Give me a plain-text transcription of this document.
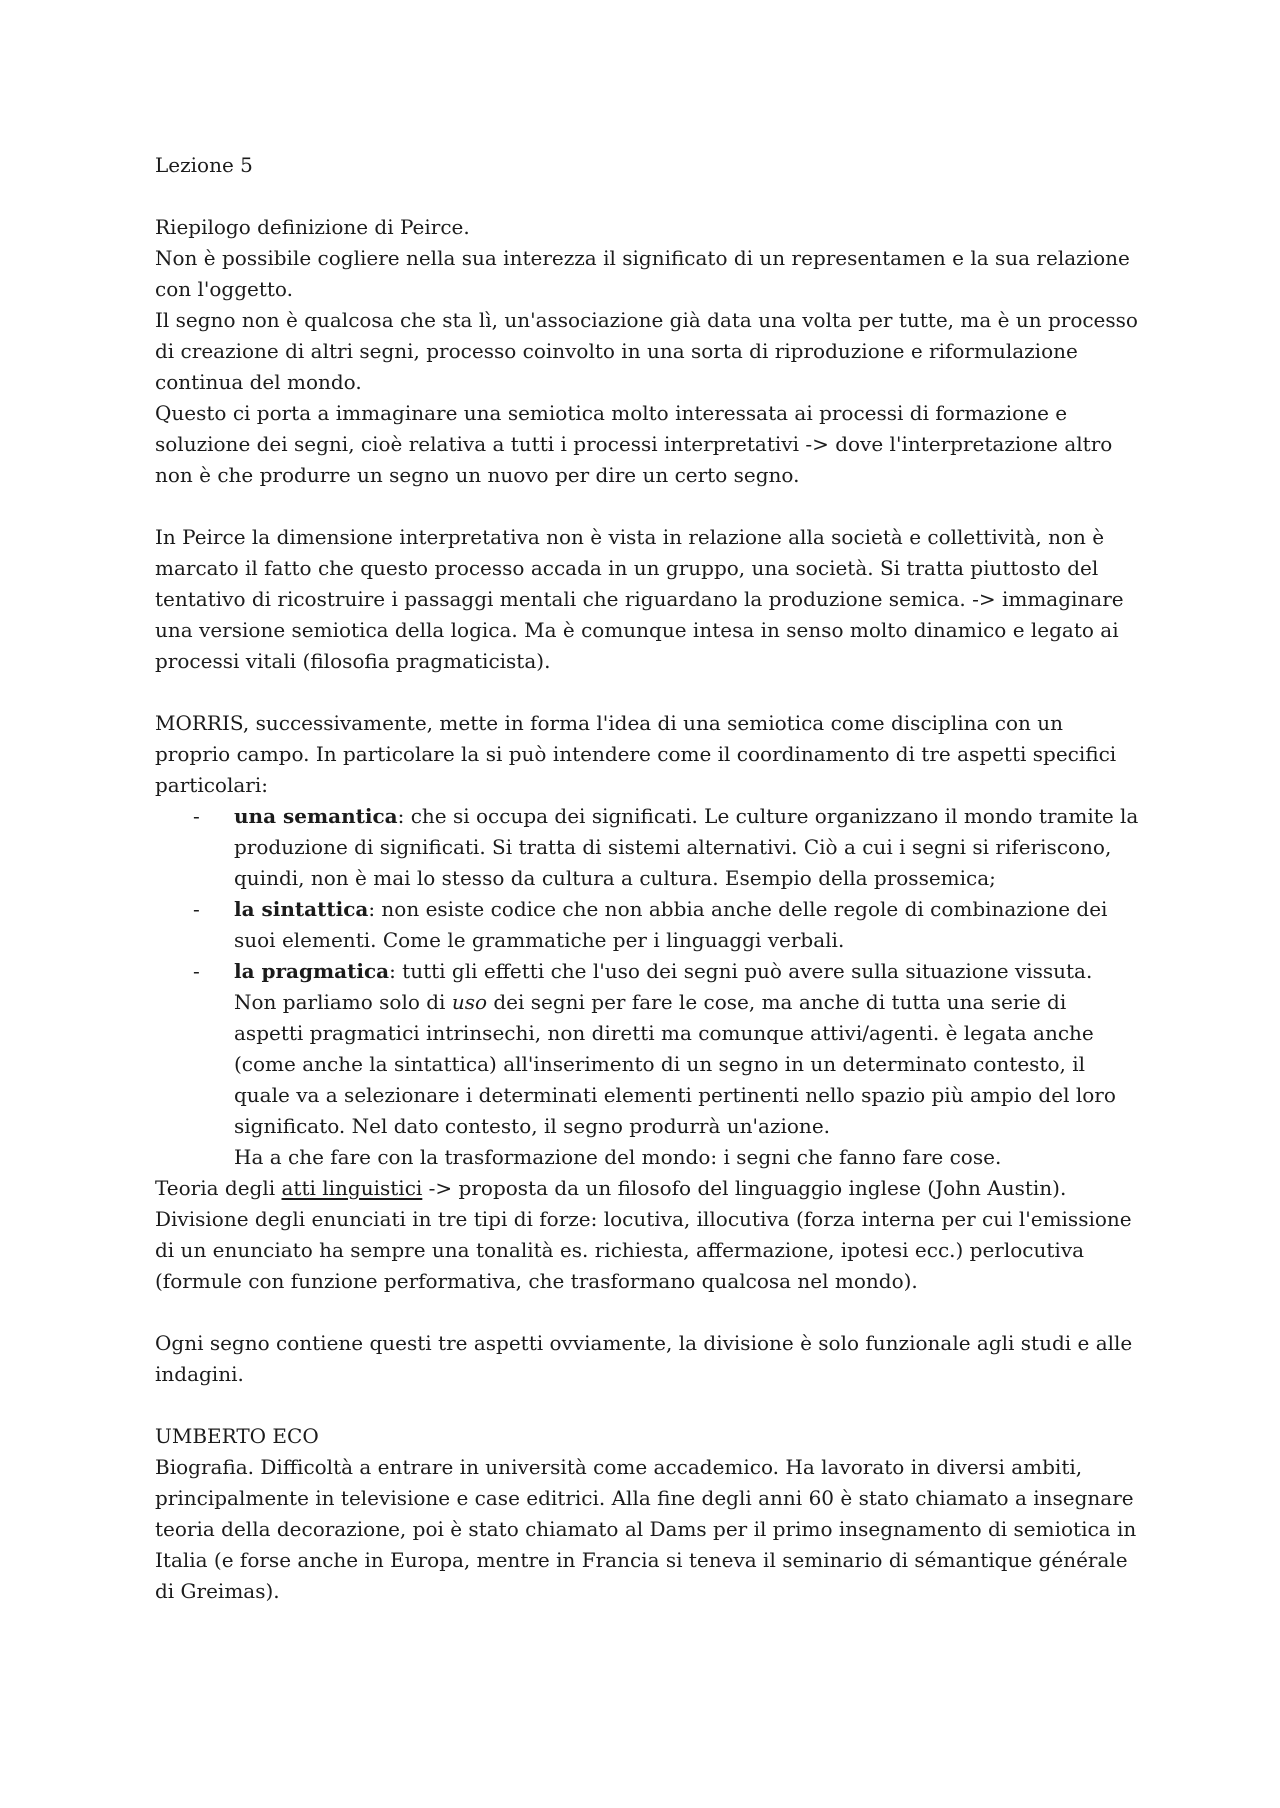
Lezione 5

Riepilogo definizione di Peirce.

Non è possibile cogliere nella sua interezza il significato di un representamen e la sua relazione con l'oggetto.

Il segno non è qualcosa che sta lì, un'associazione già data una volta per tutte, ma è un processo di creazione di altri segni, processo coinvolto in una sorta di riproduzione e riformulazione continua del mondo.

Questo ci porta a immaginare una semiotica molto interessata ai processi di formazione e soluzione dei segni, cioè relativa a tutti i processi interpretativi -> dove l'interpretazione altro non è che produrre un segno un nuovo per dire un certo segno.

In Peirce la dimensione interpretativa non è vista in relazione alla società e collettività, non è marcato il fatto che questo processo accada in un gruppo, una società. Si tratta piuttosto del tentativo di ricostruire i passaggi mentali che riguardano la produzione semica. -> immaginare una versione semiotica della logica. Ma è comunque intesa in senso molto dinamico e legato ai processi vitali (filosofia pragmaticista).

MORRIS, successivamente, mette in forma l'idea di una semiotica come disciplina con un proprio campo. In particolare la si può intendere come il coordinamento di tre aspetti specifici particolari:

- una semantica: che si occupa dei significati. Le culture organizzano il mondo tramite la produzione di significati. Si tratta di sistemi alternativi. Ciò a cui i segni si riferiscono, quindi, non è mai lo stesso da cultura a cultura. Esempio della prossemica;
- la sintattica: non esiste codice che non abbia anche delle regole di combinazione dei suoi elementi. Come le grammatiche per i linguaggi verbali.
- la pragmatica: tutti gli effetti che l'uso dei segni può avere sulla situazione vissuta. Non parliamo solo di uso dei segni per fare le cose, ma anche di tutta una serie di aspetti pragmatici intrinsechi, non diretti ma comunque attivi/agenti. è legata anche (come anche la sintattica) all'inserimento di un segno in un determinato contesto, il quale va a selezionare i determinati elementi pertinenti nello spazio più ampio del loro significato. Nel dato contesto, il segno produrrà un'azione.

Ha a che fare con la trasformazione del mondo: i segni che fanno fare cose.

Teoria degli atti linguistici -> proposta da un filosofo del linguaggio inglese (John Austin). Divisione degli enunciati in tre tipi di forze: locutiva, illocutiva (forza interna per cui l'emissione di un enunciato ha sempre una tonalità es. richiesta, affermazione, ipotesi ecc.) perlocutiva (formule con funzione performativa, che trasformano qualcosa nel mondo).

Ogni segno contiene questi tre aspetti ovviamente, la divisione è solo funzionale agli studi e alle indagini.

UMBERTO ECO

Biografia. Difficoltà a entrare in università come accademico. Ha lavorato in diversi ambiti, principalmente in televisione e case editrici. Alla fine degli anni 60 è stato chiamato a insegnare teoria della decorazione, poi è stato chiamato al Dams per il primo insegnamento di semiotica in Italia (e forse anche in Europa, mentre in Francia si teneva il seminario di sémantique générale di Greimas).
